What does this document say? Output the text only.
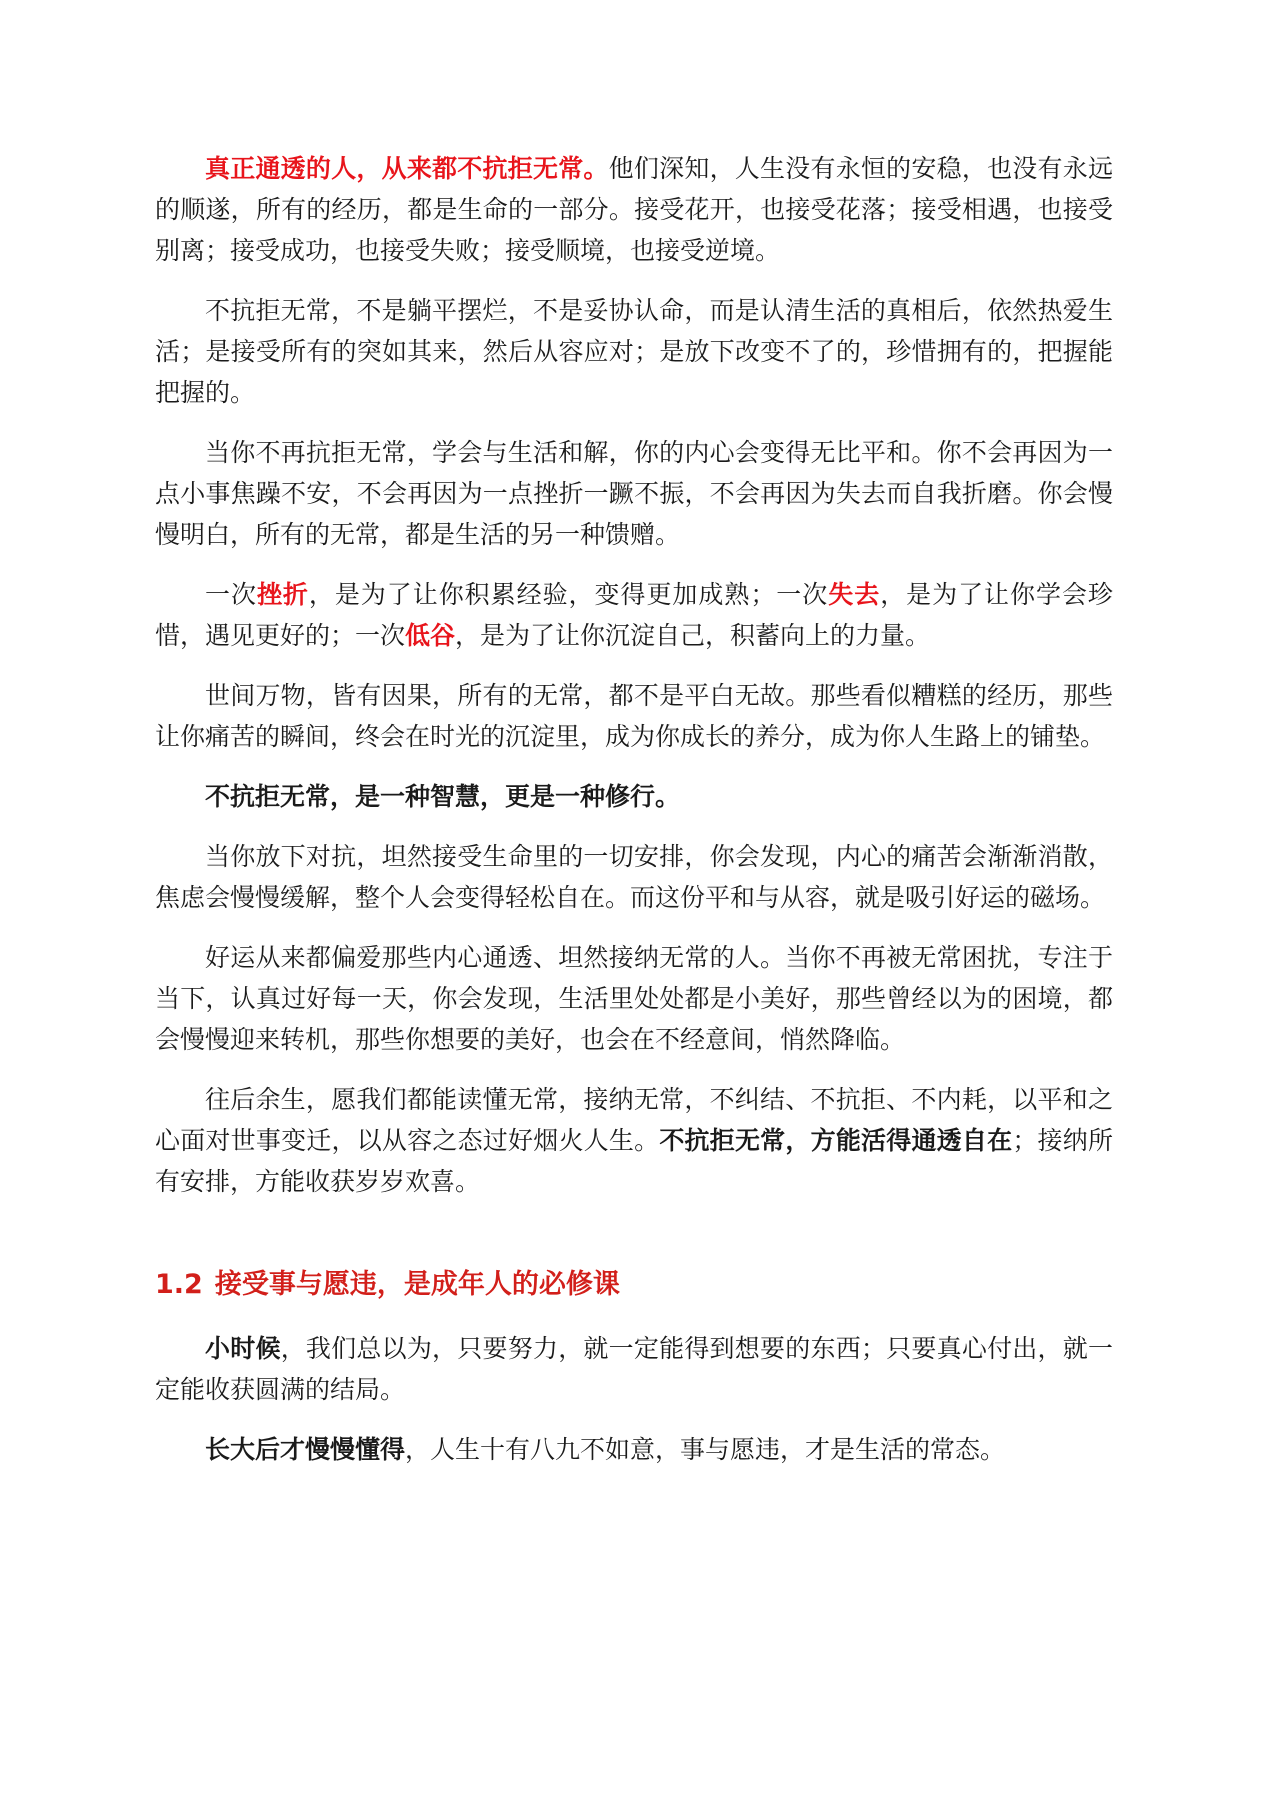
真正通透的人，从来都不抗拒无常。他们深知，人生没有永恒的安稳，也没有永远的顺遂，所有的经历，都是生命的一部分。接受花开，也接受花落；接受相遇，也接受别离；接受成功，也接受失败；接受顺境，也接受逆境。

不抗拒无常，不是躺平摆烂，不是妥协认命，而是认清生活的真相后，依然热爱生活；是接受所有的突如其来，然后从容应对；是放下改变不了的，珍惜拥有的，把握能把握的。

当你不再抗拒无常，学会与生活和解，你的内心会变得无比平和。你不会再因为一点小事焦躁不安，不会再因为一点挫折一蹶不振，不会再因为失去而自我折磨。你会慢慢明白，所有的无常，都是生活的另一种馈赠。

一次挫折，是为了让你积累经验，变得更加成熟；一次失去，是为了让你学会珍惜，遇见更好的；一次低谷，是为了让你沉淀自己，积蓄向上的力量。

世间万物，皆有因果，所有的无常，都不是平白无故。那些看似糟糕的经历，那些让你痛苦的瞬间，终会在时光的沉淀里，成为你成长的养分，成为你人生路上的铺垫。

不抗拒无常，是一种智慧，更是一种修行。

当你放下对抗，坦然接受生命里的一切安排，你会发现，内心的痛苦会渐渐消散，焦虑会慢慢缓解，整个人会变得轻松自在。而这份平和与从容，就是吸引好运的磁场。

好运从来都偏爱那些内心通透、坦然接纳无常的人。当你不再被无常困扰，专注于当下，认真过好每一天，你会发现，生活里处处都是小美好，那些曾经以为的困境，都会慢慢迎来转机，那些你想要的美好，也会在不经意间，悄然降临。

往后余生，愿我们都能读懂无常，接纳无常，不纠结、不抗拒、不内耗，以平和之心面对世事变迁，以从容之态过好烟火人生。不抗拒无常，方能活得通透自在；接纳所有安排，方能收获岁岁欢喜。

1.2 接受事与愿违，是成年人的必修课

小时候，我们总以为，只要努力，就一定能得到想要的东西；只要真心付出，就一定能收获圆满的结局。

长大后才慢慢懂得，人生十有八九不如意，事与愿违，才是生活的常态。
